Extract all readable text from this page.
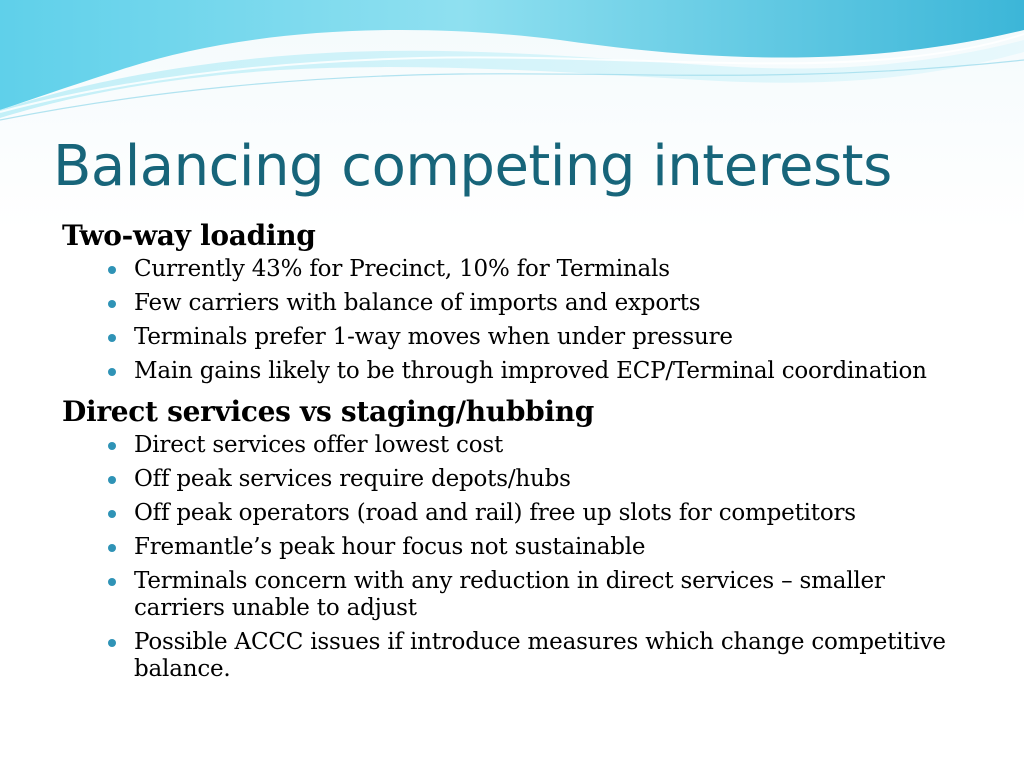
Balancing competing interests
Two-way loading
Currently 43% for Precinct, 10% for Terminals
Few carriers with balance of imports and exports
Terminals prefer 1-way moves when under pressure
Main gains likely to be through improved ECP/Terminal coordination
Direct services vs staging/hubbing
Direct services offer lowest cost
Off peak services require depots/hubs
Off peak operators (road and rail) free up slots for competitors
Fremantle’s peak hour focus not sustainable
Terminals concern with any reduction in direct services – smaller carriers unable to adjust
Possible ACCC issues if introduce measures which change competitive balance.
